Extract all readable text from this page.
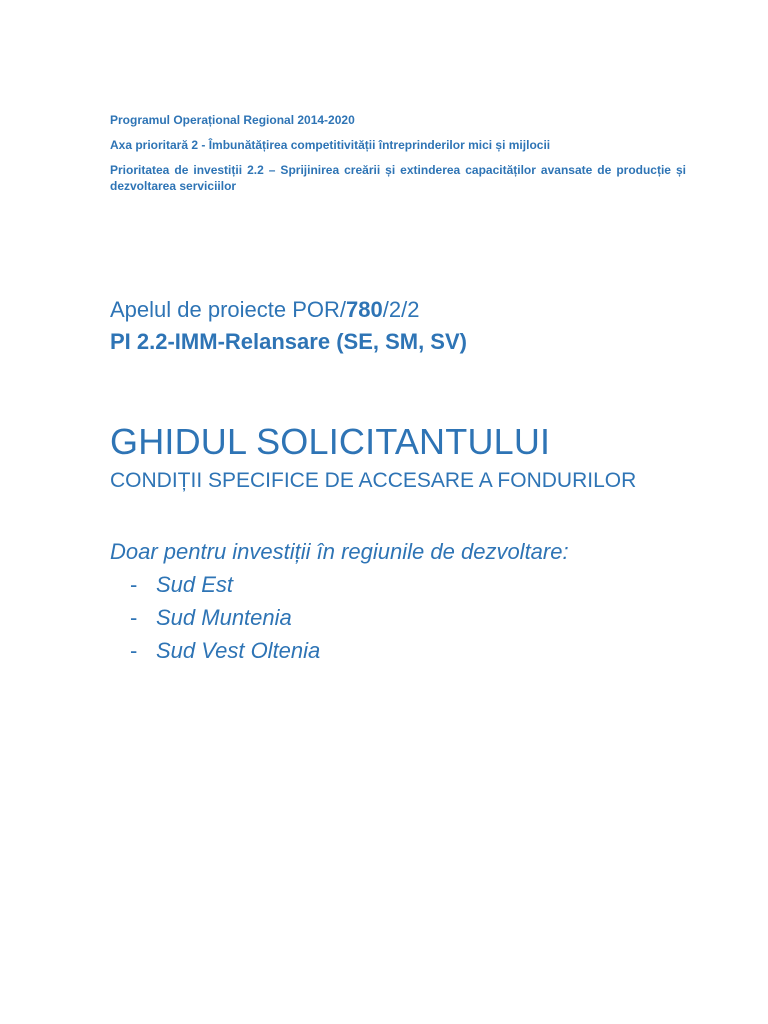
Programul Operațional Regional 2014-2020

Axa prioritară 2 - Îmbunătățirea competitivității întreprinderilor mici și mijlocii

Prioritatea de investiții 2.2 – Sprijinirea creării și extinderea capacităților avansate de producție și dezvoltarea serviciilor

Apelul de proiecte POR/780/2/2
PI 2.2-IMM-Relansare (SE, SM, SV)
GHIDUL SOLICITANTULUI
CONDIȚII SPECIFICE DE ACCESARE A FONDURILOR
Doar pentru investiții în regiunile de dezvoltare:
- Sud Est
- Sud Muntenia
- Sud Vest Oltenia
